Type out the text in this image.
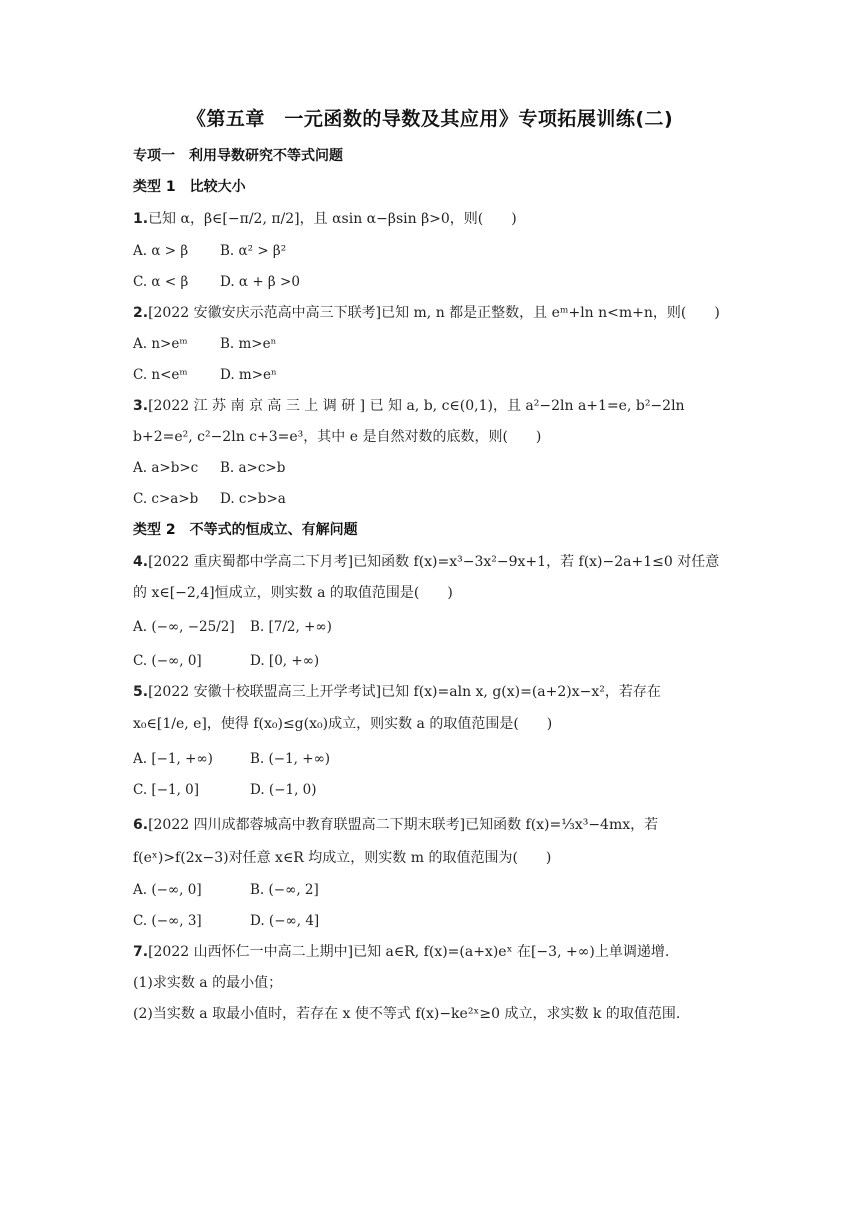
《第五章　一元函数的导数及其应用》专项拓展训练(二)
专项一　利用导数研究不等式问题
类型 1　比较大小
1.已知 α，β∈[−π/2, π/2]，且 αsin α−βsin β>0，则(　　)
A. α > β B. α² > β²
C. α < β D. α + β >0
2.[2022 安徽安庆示范高中高三下联考]已知 m, n 都是正整数，且 eᵐ+ln n<m+n，则(　　)
A. n>eᵐ B. m>eⁿ
C. n<eᵐ D. m>eⁿ
3.[2022 江 苏 南 京 高 三 上 调 研 ] 已 知 a, b, c∈(0,1)，且 a²−2ln a+1=e, b²−2ln
b+2=e², c²−2ln c+3=e³，其中 e 是自然对数的底数，则(　　)
A. a>b>c B. a>c>b
C. c>a>b D. c>b>a
类型 2　不等式的恒成立、有解问题
4.[2022 重庆蜀都中学高二下月考]已知函数 f(x)=x³−3x²−9x+1，若 f(x)−2a+1≤0 对任意
的 x∈[−2,4]恒成立，则实数 a 的取值范围是(　　)
A. (−∞, −25/2] B. [7/2, +∞)
C. (−∞, 0]	D. [0, +∞)
5.[2022 安徽十校联盟高三上开学考试]已知 f(x)=aln x, g(x)=(a+2)x−x²，若存在
x₀∈[1/e, e]，使得 f(x₀)≤g(x₀)成立，则实数 a 的取值范围是(　　)
A. [−1, +∞)	B. (−1, +∞)
C. [−1, 0]	D. (−1, 0)
6.[2022 四川成都蓉城高中教育联盟高二下期末联考]已知函数 f(x)=⅓x³−4mx，若
f(eˣ)>f(2x−3)对任意 x∈R 均成立，则实数 m 的取值范围为(　　)
A. (−∞, 0]	B. (−∞, 2]
C. (−∞, 3]	D. (−∞, 4]
7.[2022 山西怀仁一中高二上期中]已知 a∈R, f(x)=(a+x)eˣ 在[−3, +∞)上单调递增.
(1)求实数 a 的最小值；
(2)当实数 a 取最小值时，若存在 x 使不等式 f(x)−ke²ˣ≥0 成立，求实数 k 的取值范围.
